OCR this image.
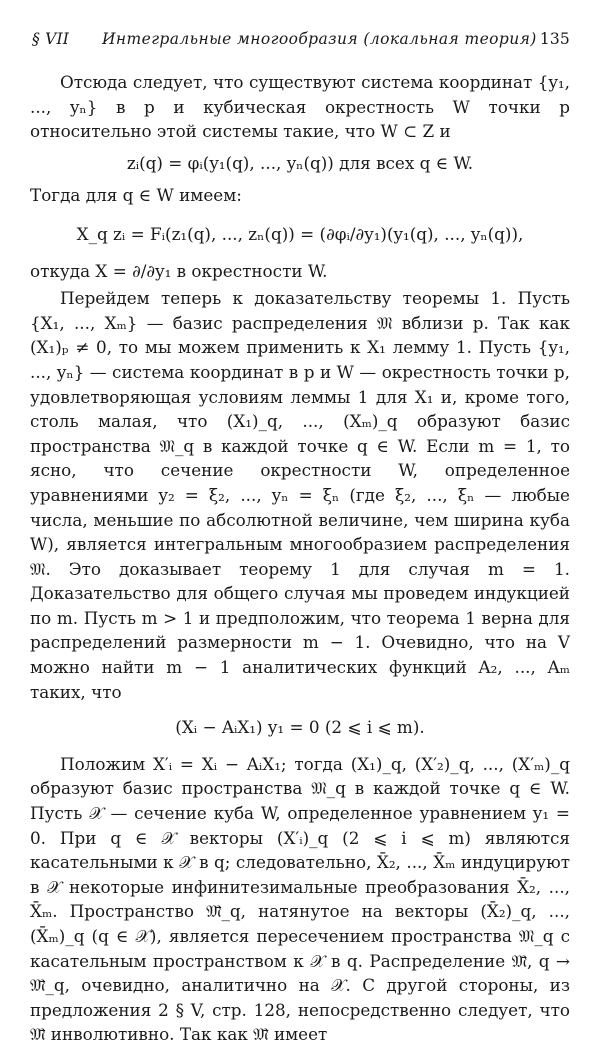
§ VII Интегральные многообразия (локальная теория) 135

Отсюда следует, что существуют система координат {y₁, ..., yₙ} в p и кубическая окрестность W точки p относительно этой системы такие, что W ⊂ Z и

zᵢ(q) = φᵢ(y₁(q), ..., yₙ(q)) для всех q ∈ W.

Тогда для q ∈ W имеем:

X_q zᵢ = Fᵢ(z₁(q), ..., zₙ(q)) = (∂φᵢ/∂y₁)(y₁(q), ..., yₙ(q)),

откуда X = ∂/∂y₁ в окрестности W.

Перейдем теперь к доказательству теоремы 1. Пусть {X₁, ..., Xₘ} — базис распределения 𝔐 вблизи p. Так как (X₁)ₚ ≠ 0, то мы можем применить к X₁ лемму 1. Пусть {y₁, ..., yₙ} — система координат в p и W — окрестность точки p, удовлетворяющая условиям леммы 1 для X₁ и, кроме того, столь малая, что (X₁)_q, ..., (Xₘ)_q образуют базис пространства 𝔐_q в каждой точке q ∈ W. Если m = 1, то ясно, что сечение окрестности W, определенное уравнениями y₂ = ξ₂, ..., yₙ = ξₙ (где ξ₂, ..., ξₙ — любые числа, меньшие по абсолютной величине, чем ширина куба W), является интегральным многообразием распределения 𝔐. Это доказывает теорему 1 для случая m = 1. Доказательство для общего случая мы проведем индукцией по m. Пусть m > 1 и предположим, что теорема 1 верна для распределений размерности m − 1. Очевидно, что на V можно найти m − 1 аналитических функций A₂, ..., Aₘ таких, что

(Xᵢ − AᵢX₁) y₁ = 0 (2 ⩽ i ⩽ m).

Положим X′ᵢ = Xᵢ − AᵢX₁; тогда (X₁)_q, (X′₂)_q, ..., (X′ₘ)_q образуют базис пространства 𝔐_q в каждой точке q ∈ W. Пусть 𝒳 — сечение куба W, определенное уравнением y₁ = 0. При q ∈ 𝒳 векторы (X′ᵢ)_q (2 ⩽ i ⩽ m) являются касательными к 𝒳 в q; следовательно, X̄₂, ..., X̄ₘ индуцируют в 𝒳 некоторые инфинитезимальные преобразования X̄₂, ..., X̄ₘ. Пространство 𝔐̄_q, натянутое на векторы (X̄₂)_q, ..., (X̄ₘ)_q (q ∈ 𝒳), является пересечением пространства 𝔐_q с касательным пространством к 𝒳 в q. Распределение 𝔐̄, q → 𝔐̄_q, очевидно, аналитично на 𝒳. С другой стороны, из предложения 2 § V, стр. 128, непосредственно следует, что 𝔐̄ инволютивно. Так как 𝔐̄ имеет
